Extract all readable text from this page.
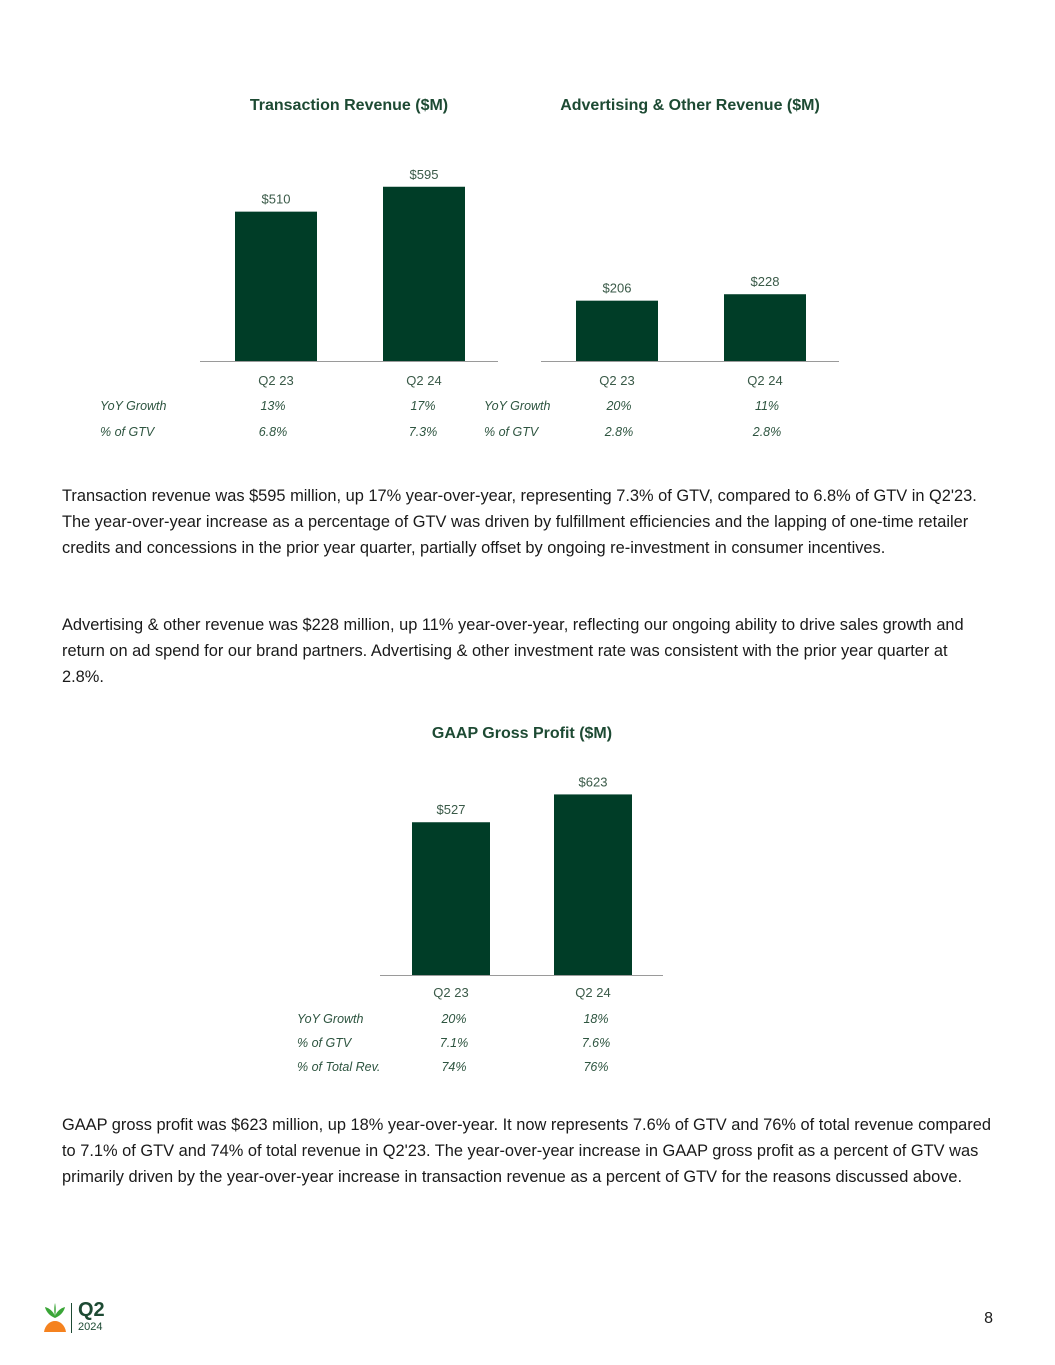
Transaction Revenue ($M)	Advertising & Other Revenue ($M)
GAAP Gross Profit ($M)
$510
Q2 23
$595
Q2 24
$206
Q2 23
$228
Q2 24
$527
Q2 23
$623
Q2 24
YoY Growth	13%	17%
% of GTV	6.8%	7.3%
YoY Growth	20%	11%
% of GTV	2.8%	2.8%
YoY Growth	20%	18%
% of GTV	7.1%	7.6%
% of Total Rev.	74%	76%

Transaction revenue was $595 million, up 17% year-over-year, representing 7.3% of GTV, compared to 6.8% of GTV in Q2'23. The year-over-year increase as a percentage of GTV was driven by fulfillment efficiencies and the lapping of one-time retailer credits and concessions in the prior year quarter, partially offset by ongoing re-investment in consumer incentives.

Advertising & other revenue was $228 million, up 11% year-over-year, reflecting our ongoing ability to drive sales growth and return on ad spend for our brand partners. Advertising & other investment rate was consistent with the prior year quarter at 2.8%.

GAAP gross profit was $623 million, up 18% year-over-year. It now represents 7.6% of GTV and 76% of total revenue compared to 7.1% of GTV and 74% of total revenue in Q2'23. The year-over-year increase in GAAP gross profit as a percent of GTV was primarily driven by the year-over-year increase in transaction revenue as a percent of GTV for the reasons discussed above.

Q2
2024	8
